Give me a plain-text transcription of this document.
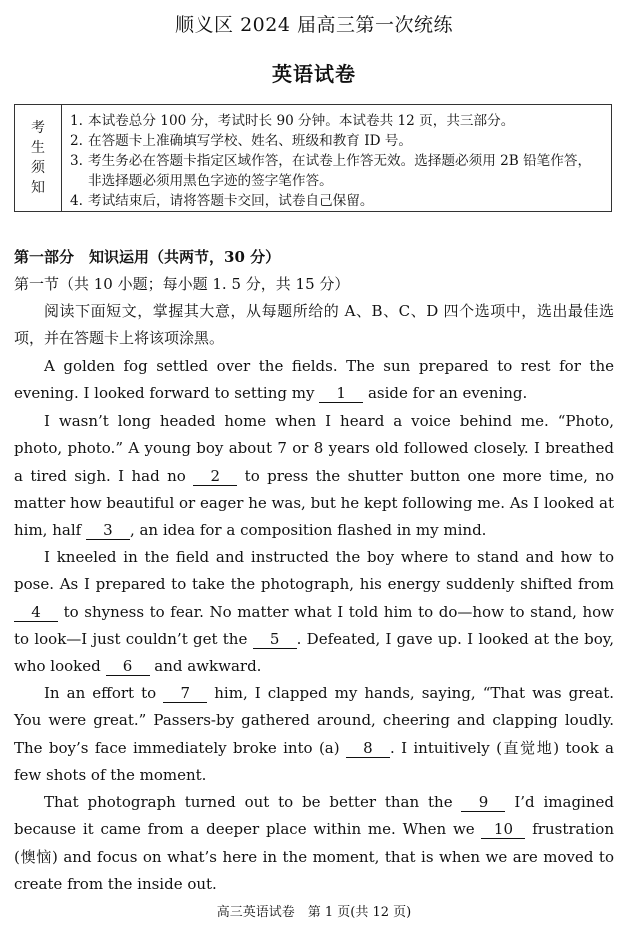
顺义区 2024 届高三第一次统练
英语试卷
考
生
须
知
1. 本试卷总分 100 分，考试时长 90 分钟。本试卷共 12 页，共三部分。
2. 在答题卡上准确填写学校、姓名、班级和教育 ID 号。
3. 考生务必在答题卡指定区域作答，在试卷上作答无效。选择题必须用 2B 铅笔作答，非选择题必须用黑色字迹的签字笔作答。
4. 考试结束后，请将答题卡交回，试卷自己保留。
第一部分　知识运用（共两节，30 分）
第一节（共 10 小题；每小题 1. 5 分，共 15 分）

阅读下面短文，掌握其大意，从每题所给的 A、B、C、D 四个选项中，选出最佳选项，并在答题卡上将该项涂黑。

A golden fog settled over the fields. The sun prepared to rest for the evening. I looked forward to setting my 1 aside for an evening.

I wasn’t long headed home when I heard a voice behind me. “Photo, photo, photo.” A young boy about 7 or 8 years old followed closely. I breathed a tired sigh. I had no 2 to press the shutter button one more time, no matter how beautiful or eager he was, but he kept following me. As I looked at him, half 3 , an idea for a composition flashed in my mind.

I kneeled in the field and instructed the boy where to stand and how to pose. As I prepared to take the photograph, his energy suddenly shifted from 4 to shyness to fear. No matter what I told him to do—how to stand, how to look—I just couldn’t get the 5 . Defeated, I gave up. I looked at the boy, who looked 6 and awkward.

In an effort to 7 him, I clapped my hands, saying, “That was great. You were great.” Passers-by gathered around, cheering and clapping loudly. The boy’s face immediately broke into (a) 8 . I intuitively (直觉地) took a few shots of the moment.

That photograph turned out to be better than the 9 I’d imagined because it came from a deeper place within me. When we 10 frustration (懊恼) and focus on what’s here in the moment, that is when we are moved to create from the inside out.

高三英语试卷　第 1 页(共 12 页)
